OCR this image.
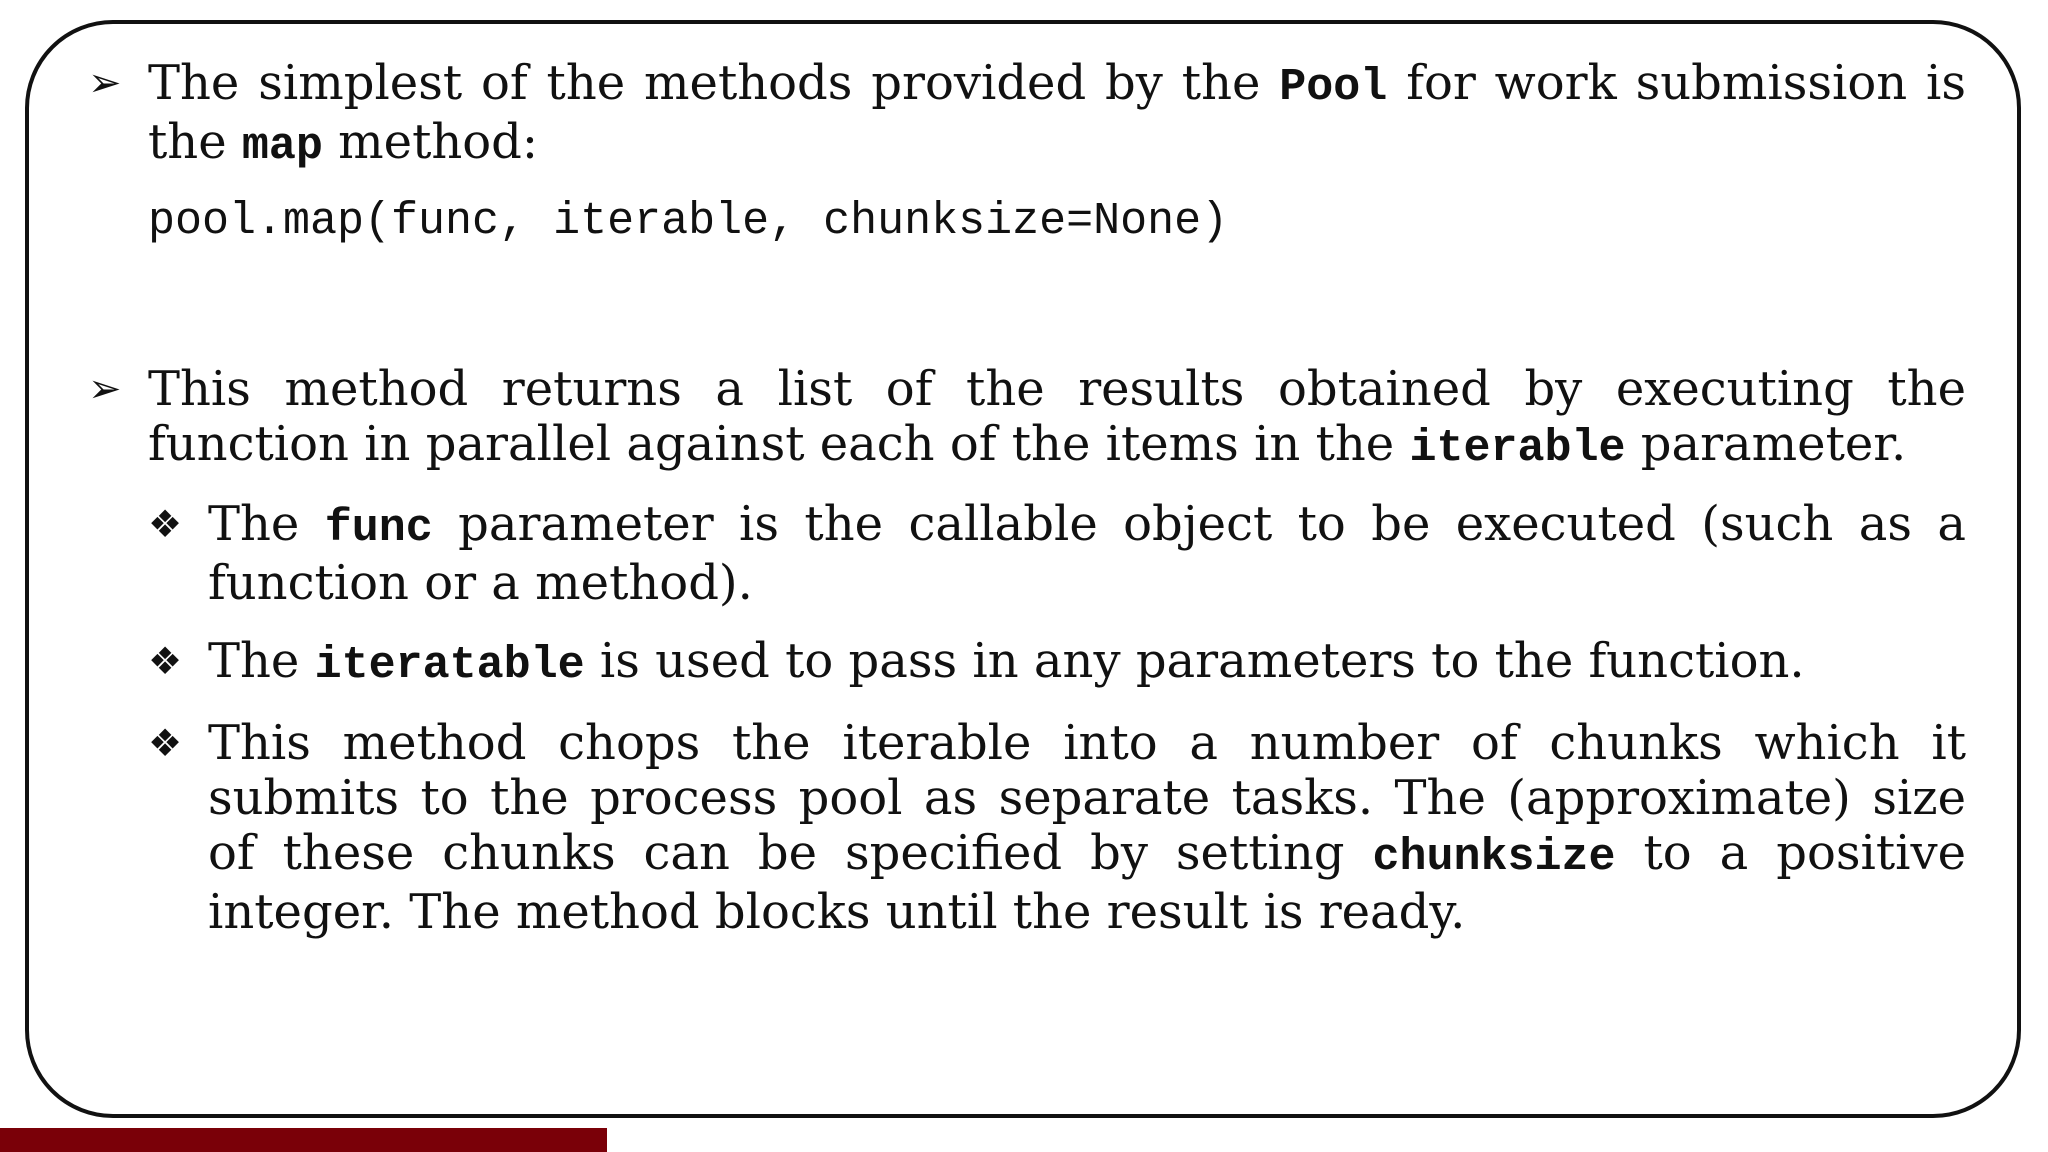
➢ The simplest of the methods provided by the Pool for work submission is the map method:
pool.map(func, iterable, chunksize=None)
➢ This method returns a list of the results obtained by executing the function in parallel against each of the items in the iterable parameter.
❖ The func parameter is the callable object to be executed (such as a function or a method).
❖ The iteratable is used to pass in any parameters to the function.
❖ This method chops the iterable into a number of chunks which it submits to the process pool as separate tasks. The (approximate) size of these chunks can be specified by setting chunksize to a positive integer. The method blocks until the result is ready.
